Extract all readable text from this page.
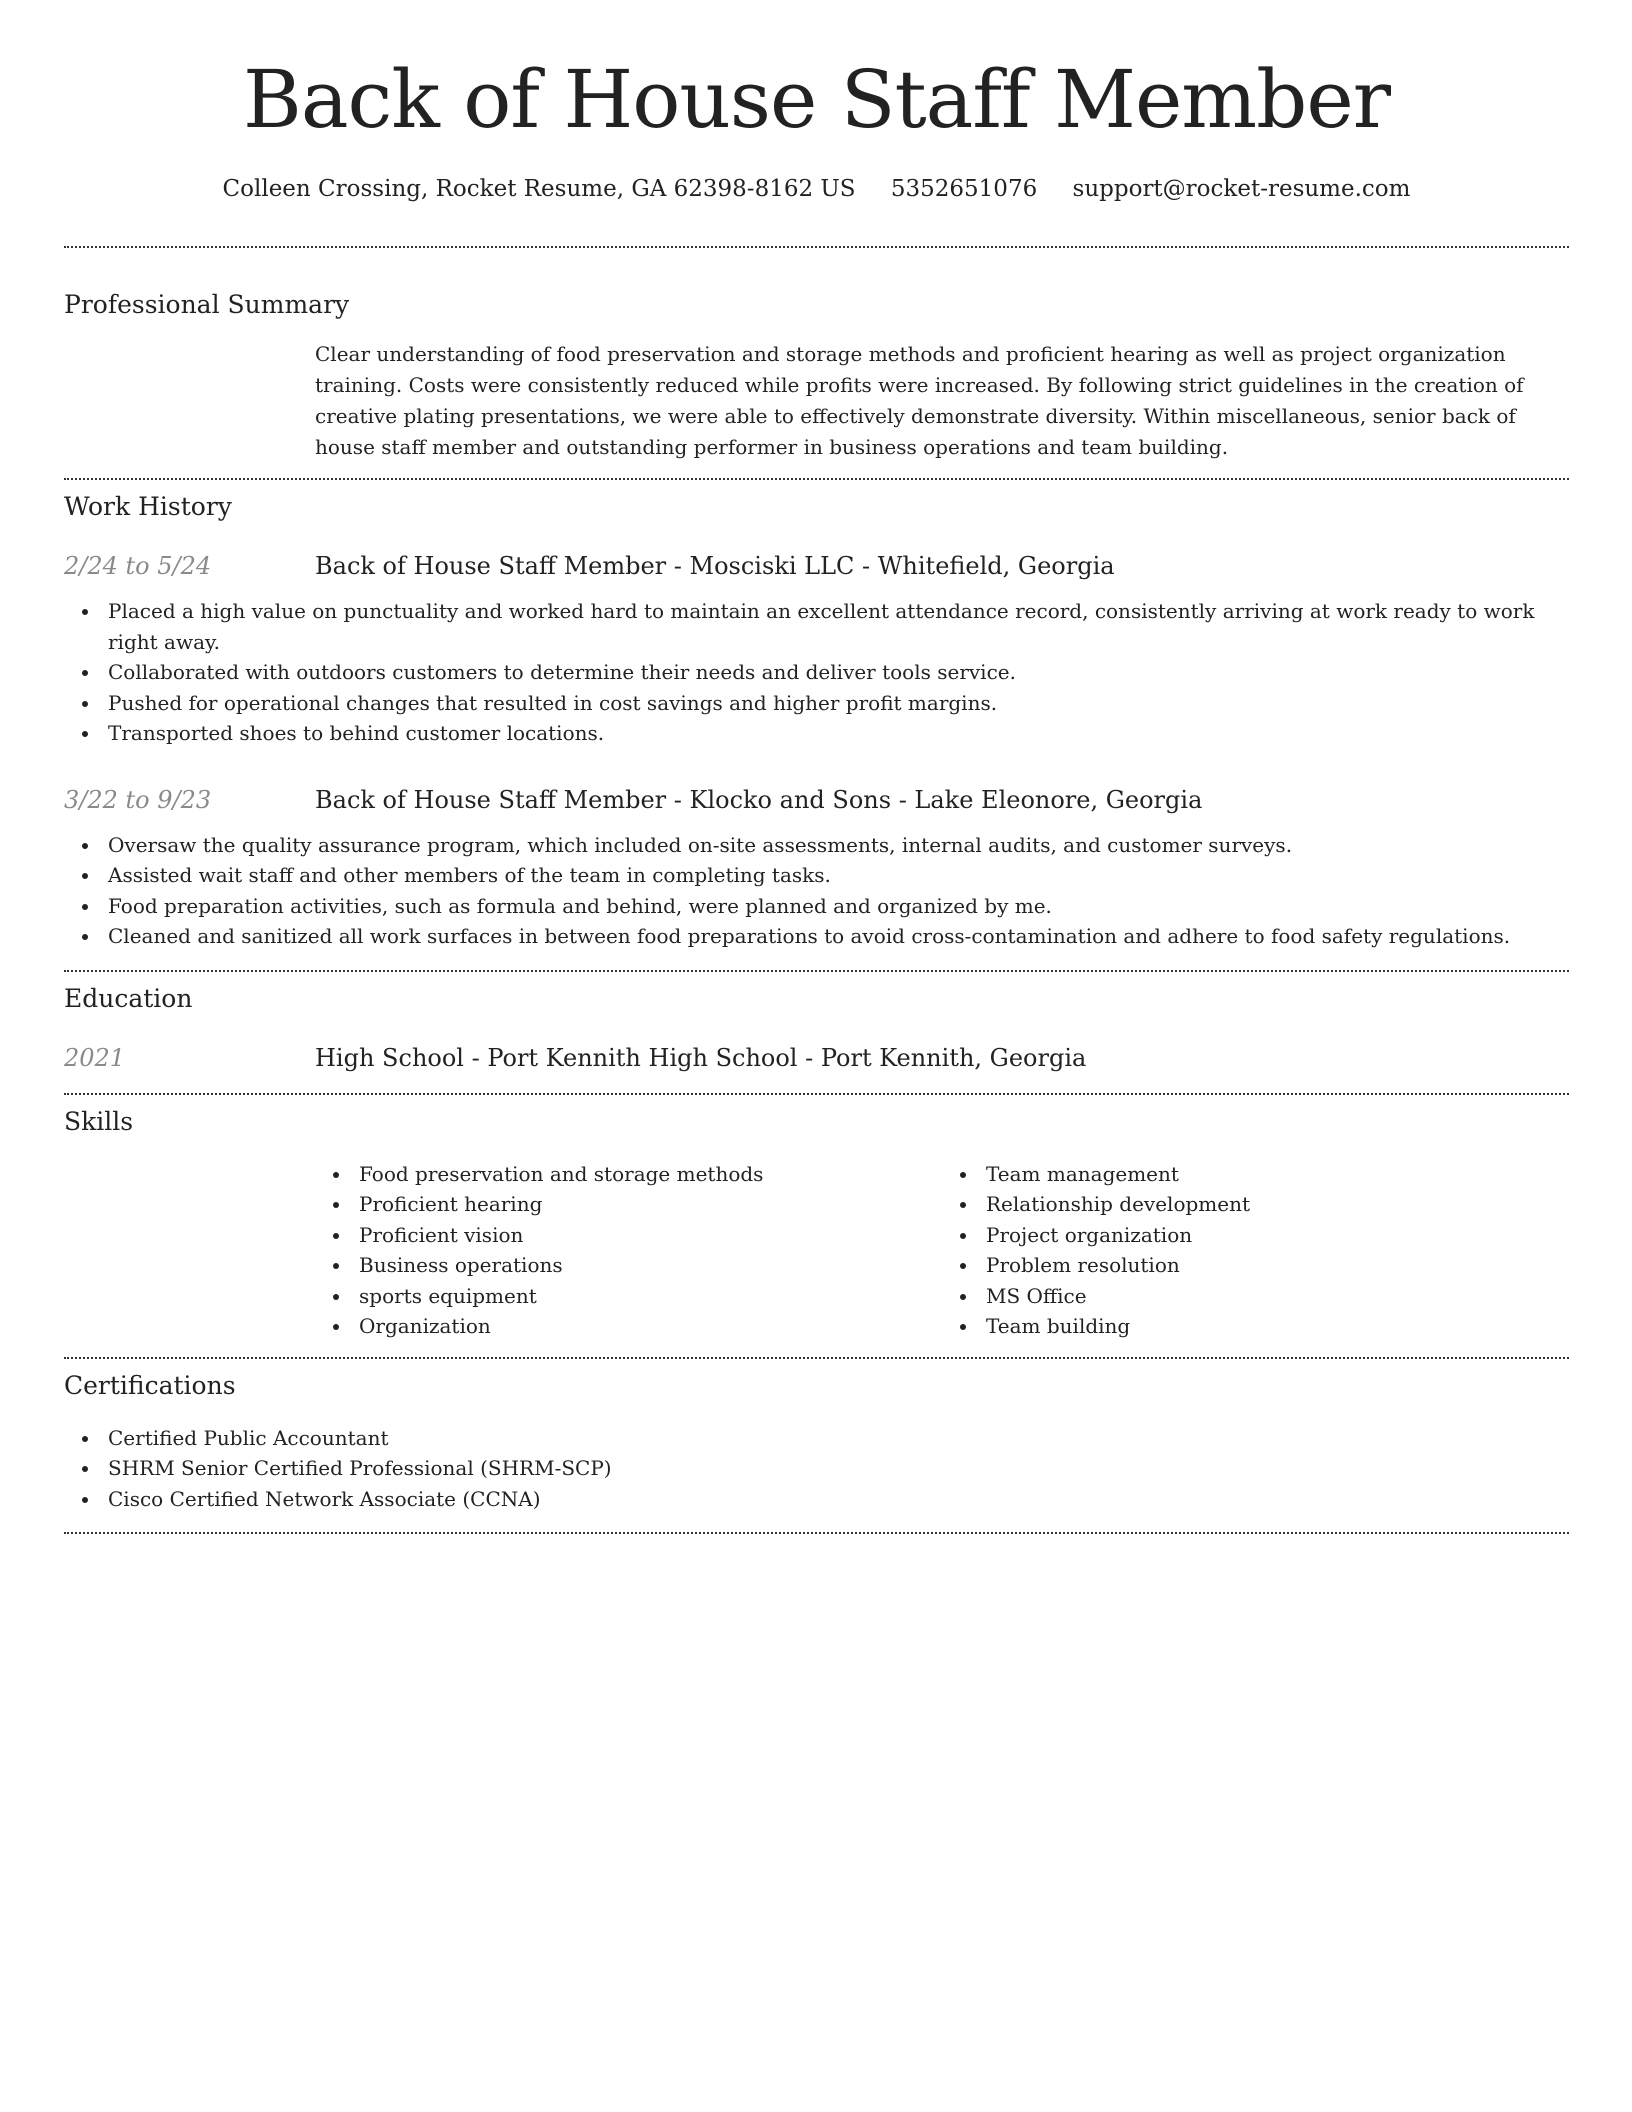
Back of House Staff Member
Colleen Crossing, Rocket Resume, GA 62398-8162 US 5352651076 support@rocket-resume.com
Professional Summary
Clear understanding of food preservation and storage methods and proficient hearing as well as project organization training. Costs were consistently reduced while profits were increased. By following strict guidelines in the creation of creative plating presentations, we were able to effectively demonstrate diversity. Within miscellaneous, senior back of house staff member and outstanding performer in business operations and team building.
Work History
2/24 to 5/24	Back of House Staff Member - Mosciski LLC - Whitefield, Georgia
Placed a high value on punctuality and worked hard to maintain an excellent attendance record, consistently arriving at work ready to work right away.
Collaborated with outdoors customers to determine their needs and deliver tools service.
Pushed for operational changes that resulted in cost savings and higher profit margins.
Transported shoes to behind customer locations.
3/22 to 9/23	Back of House Staff Member - Klocko and Sons - Lake Eleonore, Georgia
Oversaw the quality assurance program, which included on-site assessments, internal audits, and customer surveys.
Assisted wait staff and other members of the team in completing tasks.
Food preparation activities, such as formula and behind, were planned and organized by me.
Cleaned and sanitized all work surfaces in between food preparations to avoid cross-contamination and adhere to food safety regulations.
Education
2021	High School - Port Kennith High School - Port Kennith, Georgia
Skills
Food preservation and storage methods
Proficient hearing
Proficient vision
Business operations
sports equipment
Organization
Team management
Relationship development
Project organization
Problem resolution
MS Office
Team building
Certifications
Certified Public Accountant
SHRM Senior Certified Professional (SHRM-SCP)
Cisco Certified Network Associate (CCNA)
